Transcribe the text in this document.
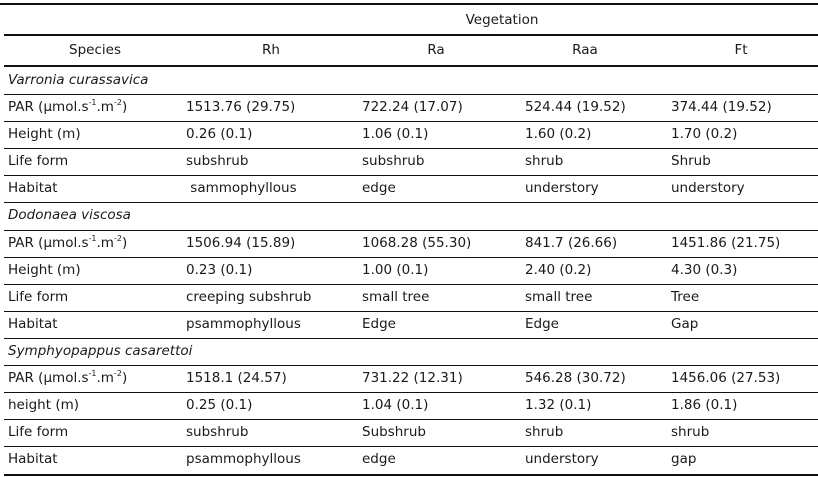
Vegetation
Species	Rh	Ra	Raa	Ft
Varronia curassavica
PAR $(\mu mol.s^{-1}.m^{-2})$	1513.76 (29.75)	722.24 (17.07)	524.44 (19.52)	374.44 (19.52)
Height (m)	0.26 (0.1)	1.06 (0.1)	1.60 (0.2)	1.70 (0.2)
Life form	subshrub	subshrub	shrub	Shrub
Habitat	sammophyllous	edge	understory	understory
Dodonaea viscosa
PAR $(\mu mol.s^{-1}.m^{-2})$	1506.94 (15.89)	1068.28 (55.30)	841.7 (26.66)	1451.86 (21.75)
Height (m)	0.23 (0.1)	1.00 (0.1)	2.40 (0.2)	4.30 (0.3)
Life form	creeping subshrub	small tree	small tree	Tree
Habitat	psammophyllous	Edge	Edge	Gap
Symphyopappus casarettoi
PAR $(\mu mol.s^{-1}.m^{-2})$	1518.1 (24.57)	731.22 (12.31)	546.28 (30.72)	1456.06 (27.53)
height (m)	0.25 (0.1)	1.04 (0.1)	1.32 (0.1)	1.86 (0.1)
Life form	subshrub	Subshrub	shrub	shrub
Habitat	psammophyllous	edge	understory	gap
